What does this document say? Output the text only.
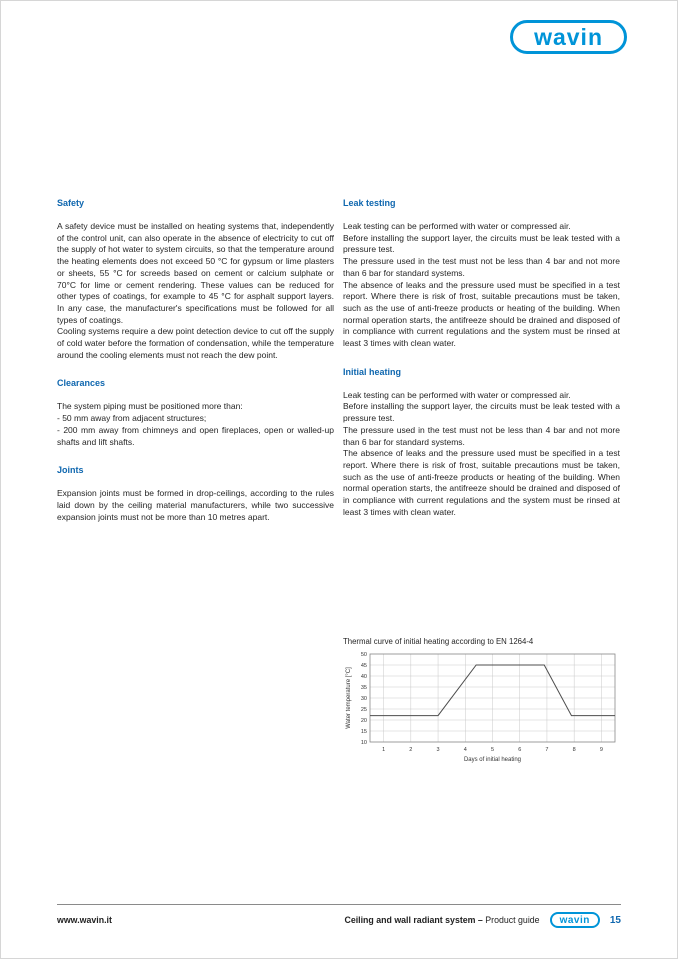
wavin
Safety

A safety device must be installed on heating systems that, independently of the control unit, can also operate in the absence of electricity to cut off the supply of hot water to system circuits, so that the temperature around the heating elements does not exceed 50 °C for gypsum or lime plasters or sheets, 55 °C for screeds based on cement or calcium sulphate or 70°C for lime or cement rendering. These values can be reduced for other types of coatings, for example to 45 °C for asphalt support layers. In any case, the manufacturer's specifications must be followed for all types of coatings.

Cooling systems require a dew point detection device to cut off the supply of cold water before the formation of condensation, while the temperature around the cooling elements must not reach the dew point.

Clearances

The system piping must be positioned more than:

- 50 mm away from adjacent structures;

- 200 mm away from chimneys and open fireplaces, open or walled-up shafts and lift shafts.

Joints

Expansion joints must be formed in drop-ceilings, according to the rules laid down by the ceiling material manufacturers, while two successive expansion joints must not be more than 10 metres apart.

Leak testing

Leak testing can be performed with water or compressed air.

Before installing the support layer, the circuits must be leak tested with a pressure test.

The pressure used in the test must not be less than 4 bar and not more than 6 bar for standard systems.

The absence of leaks and the pressure used must be specified in a test report. Where there is risk of frost, suitable precautions must be taken, such as the use of anti-freeze products or heating of the building. When normal operation starts, the antifreeze should be drained and disposed of in compliance with current regulations and the system must be rinsed at least 3 times with clean water.

Initial heating

Leak testing can be performed with water or compressed air.

Before installing the support layer, the circuits must be leak tested with a pressure test.

The pressure used in the test must not be less than 4 bar and not more than 6 bar for standard systems.

The absence of leaks and the pressure used must be specified in a test report. Where there is risk of frost, suitable precautions must be taken, such as the use of anti-freeze products or heating of the building. When normal operation starts, the antifreeze should be drained and disposed of in compliance with current regulations and the system must be rinsed at least 3 times with clean water.

Thermal curve of initial heating according to EN 1264-4
10
15
20
25
30
35
40
45
50
1	2	3	4	5	6	7	8	9
Days of initial heating
Water temperature [°C]
www.wavin.it	Ceiling and wall radiant system – Product guide wavin 15
